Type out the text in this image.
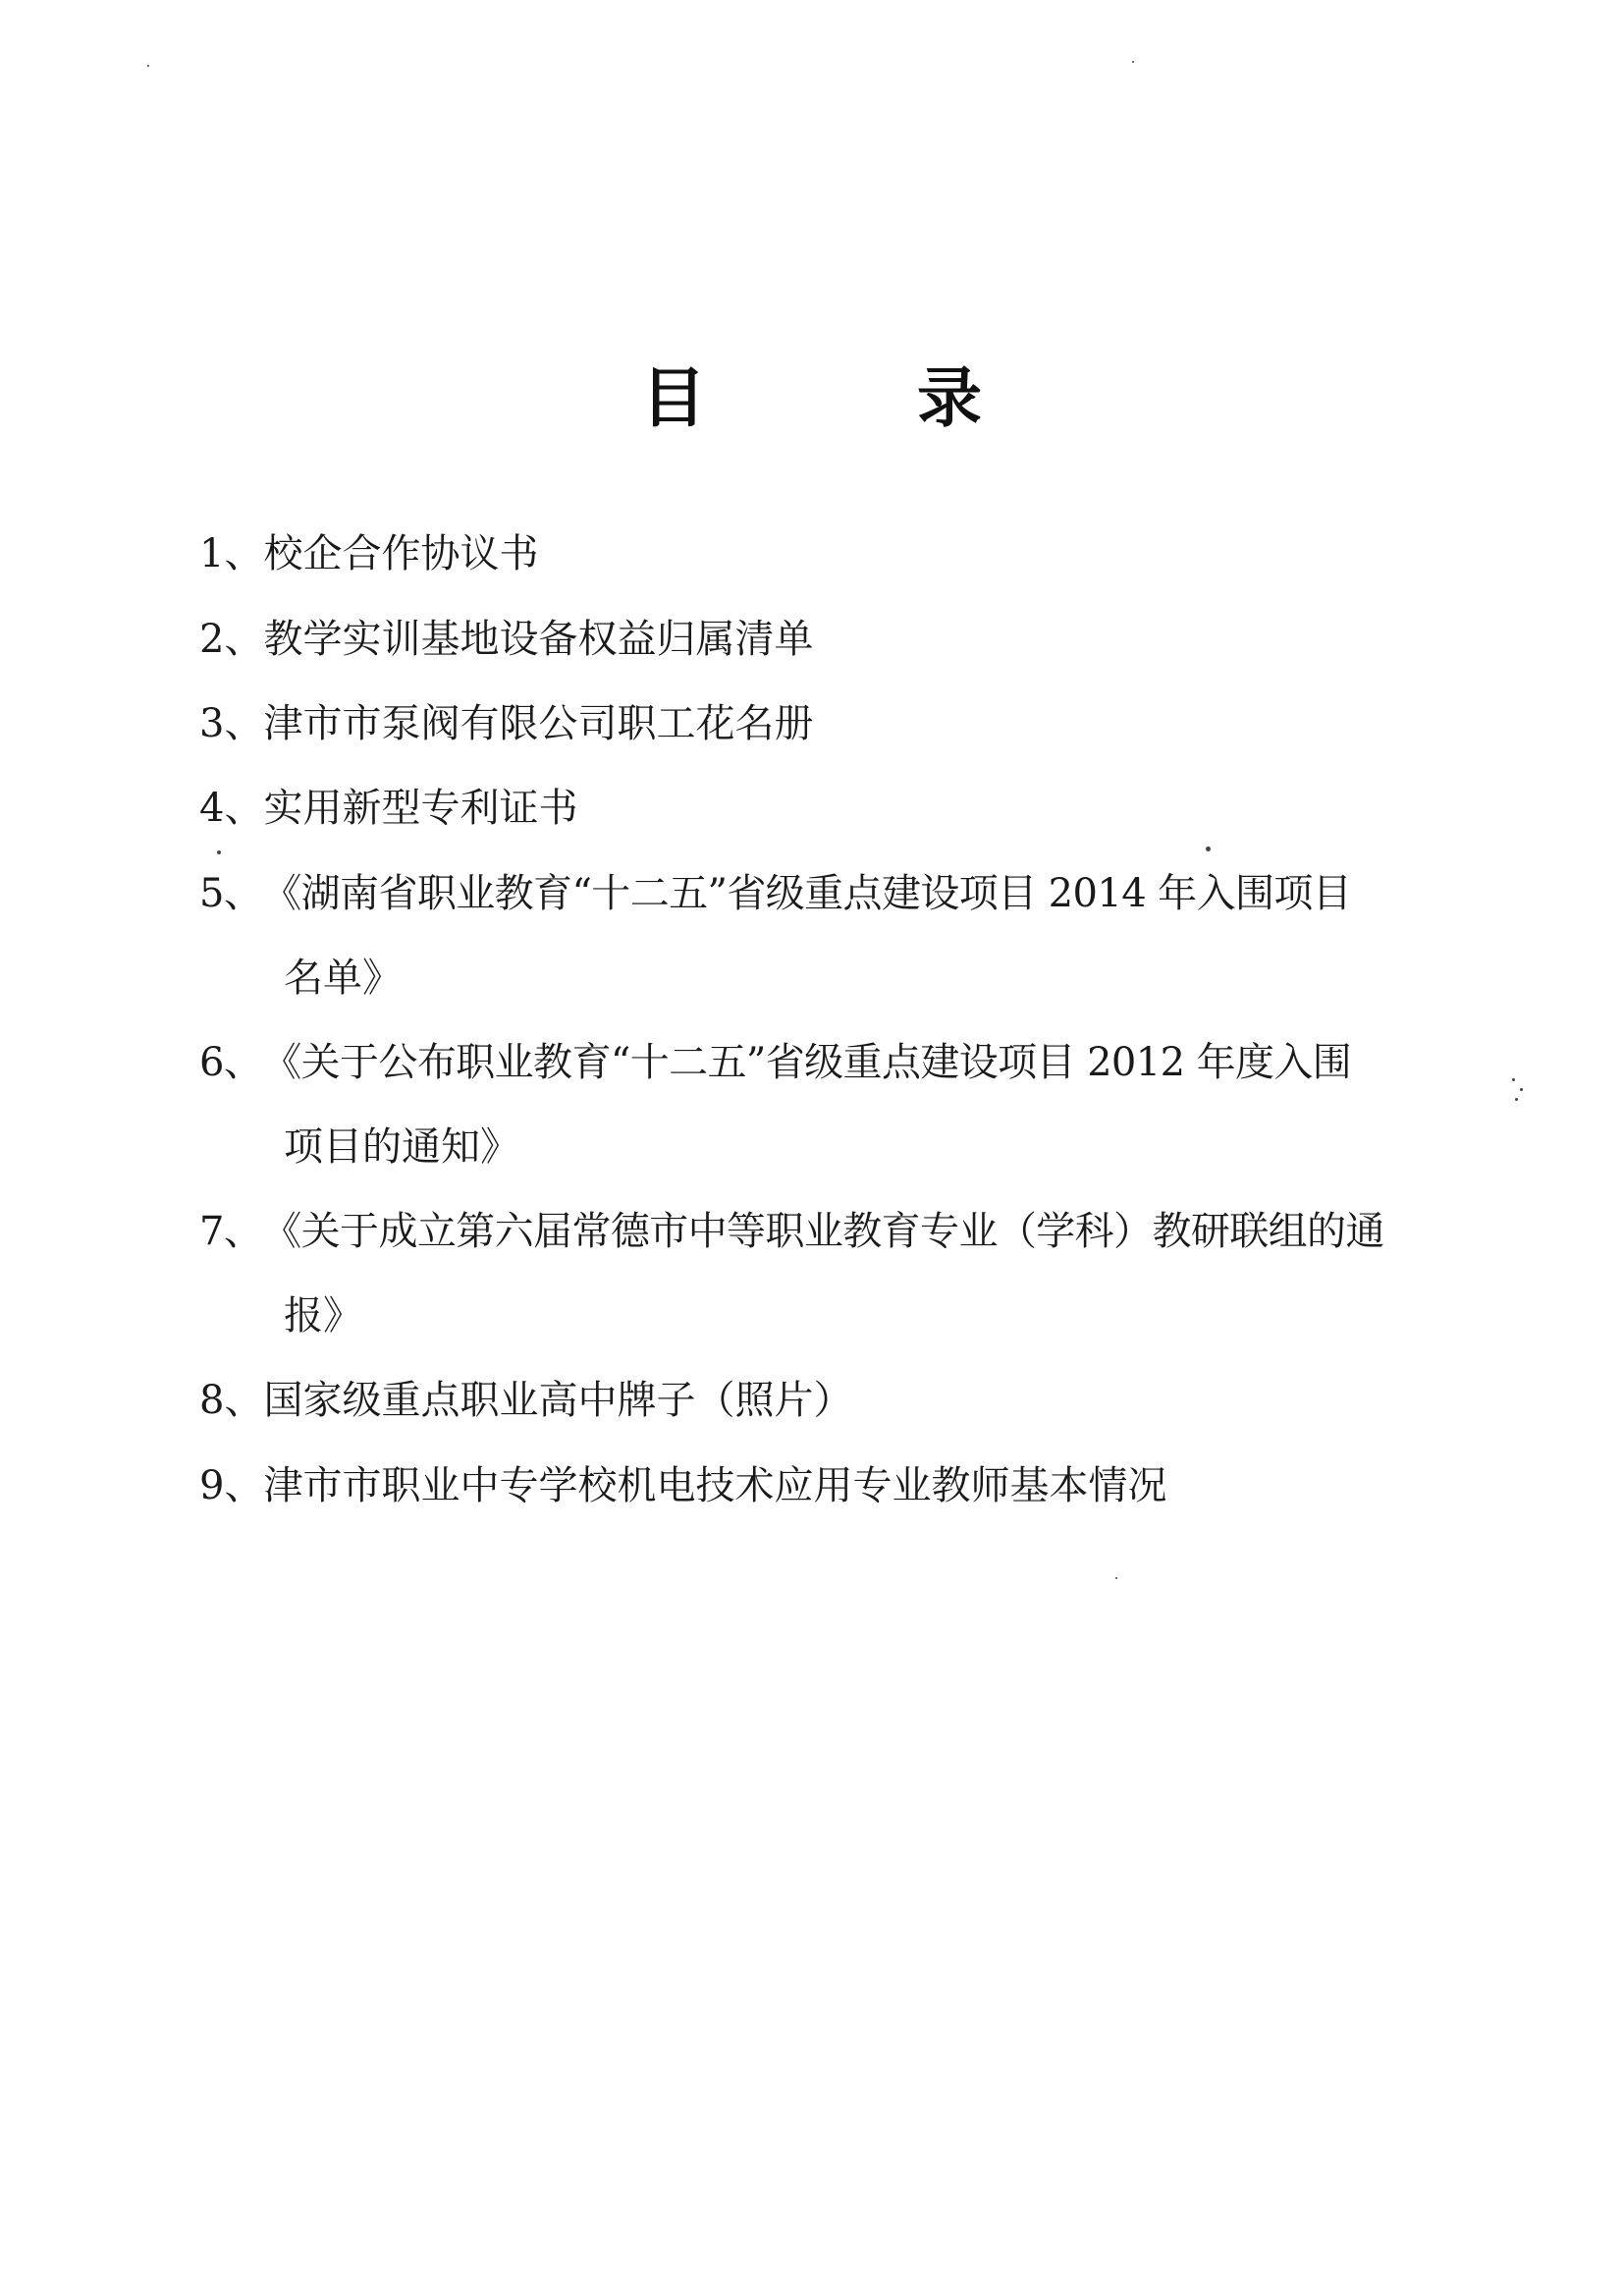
目 录
1、校企合作协议书
2、教学实训基地设备权益归属清单
3、津市市泵阀有限公司职工花名册
4、实用新型专利证书
5、《湖南省职业教育“十二五”省级重点建设项目 2014 年入围项目
名单》
6、《关于公布职业教育“十二五”省级重点建设项目 2012 年度入围
项目的通知》
7、《关于成立第六届常德市中等职业教育专业（学科）教研联组的通
报》
8、国家级重点职业高中牌子（照片）
9、津市市职业中专学校机电技术应用专业教师基本情况
